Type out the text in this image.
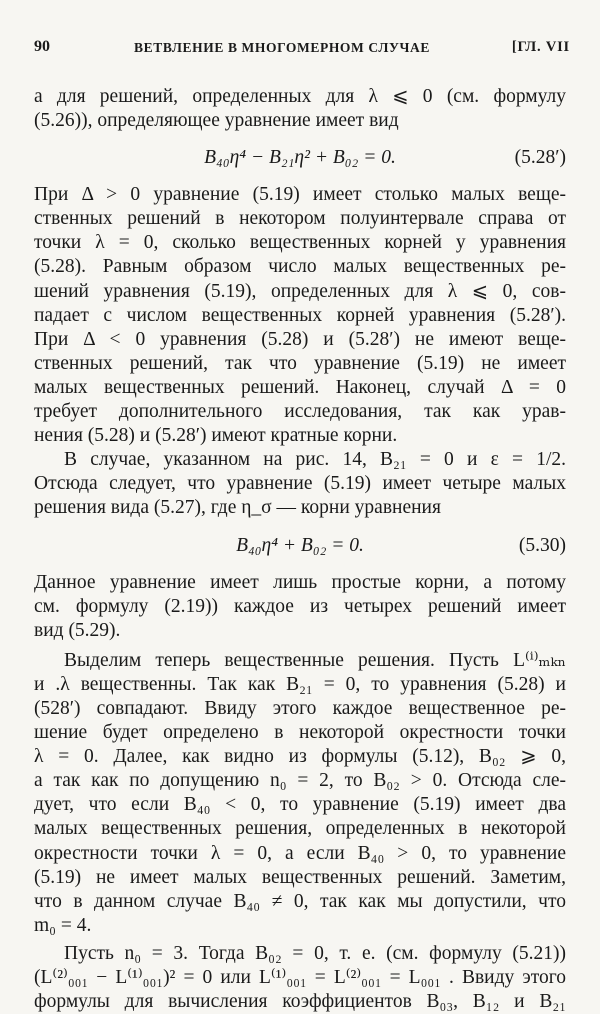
90	ВЕТВЛЕНИЕ В МНОГОМЕРНОМ СЛУЧАЕ	[ГЛ. VII
а для решений, определенных для λ ⩽ 0 (см. формулу
(5.26)), определяющее уравнение имеет вид
B₄₀η⁴ − B₂₁η² + B₀₂ = 0.	(5.28′)
При Δ > 0 уравнение (5.19) имеет столько малых веще-
ственных решений в некотором полуинтервале справа от
точки λ = 0, сколько вещественных корней у уравнения
(5.28). Равным образом число малых вещественных ре-
шений уравнения (5.19), определенных для λ ⩽ 0, сов-
падает с числом вещественных корней уравнения (5.28′).
При Δ < 0 уравнения (5.28) и (5.28′) не имеют веще-
ственных решений, так что уравнение (5.19) не имеет
малых вещественных решений. Наконец, случай Δ = 0
требует дополнительного исследования, так как урав-
нения (5.28) и (5.28′) имеют кратные корни.
В случае, указанном на рис. 14, B₂₁ = 0 и ε = 1/2.
Отсюда следует, что уравнение (5.19) имеет четыре малых
решения вида (5.27), где η_σ — корни уравнения
B₄₀η⁴ + B₀₂ = 0.	(5.30)
Данное уравнение имеет лишь простые корни, а потому
см. формулу (2.19)) каждое из четырех решений имеет
вид (5.29).
Выделим теперь вещественные решения. Пусть L⁽ⁱ⁾ₘₖₙ
и .λ вещественны. Так как B₂₁ = 0, то уравнения (5.28) и
(528′) совпадают. Ввиду этого каждое вещественное ре-
шение будет определено в некоторой окрестности точки
λ = 0. Далее, как видно из формулы (5.12), B₀₂ ⩾ 0,
а так как по допущению n₀ = 2, то B₀₂ > 0. Отсюда сле-
дует, что если B₄₀ < 0, то уравнение (5.19) имеет два
малых вещественных решения, определенных в некоторой
окрестности точки λ = 0, а если B₄₀ > 0, то уравнение
(5.19) не имеет малых вещественных решений. Заметим,
что в данном случае B₄₀ ≠ 0, так как мы допустили, что
m₀ = 4.
Пусть n₀ = 3. Тогда B₀₂ = 0, т. е. (см. формулу (5.21))
(L⁽²⁾₀₀₁ − L⁽¹⁾₀₀₁)² = 0 или L⁽¹⁾₀₀₁ = L⁽²⁾₀₀₁ = L₀₀₁ . Ввиду этого
формулы для вычисления коэффициентов B₀₃, B₁₂ и B₂₁
